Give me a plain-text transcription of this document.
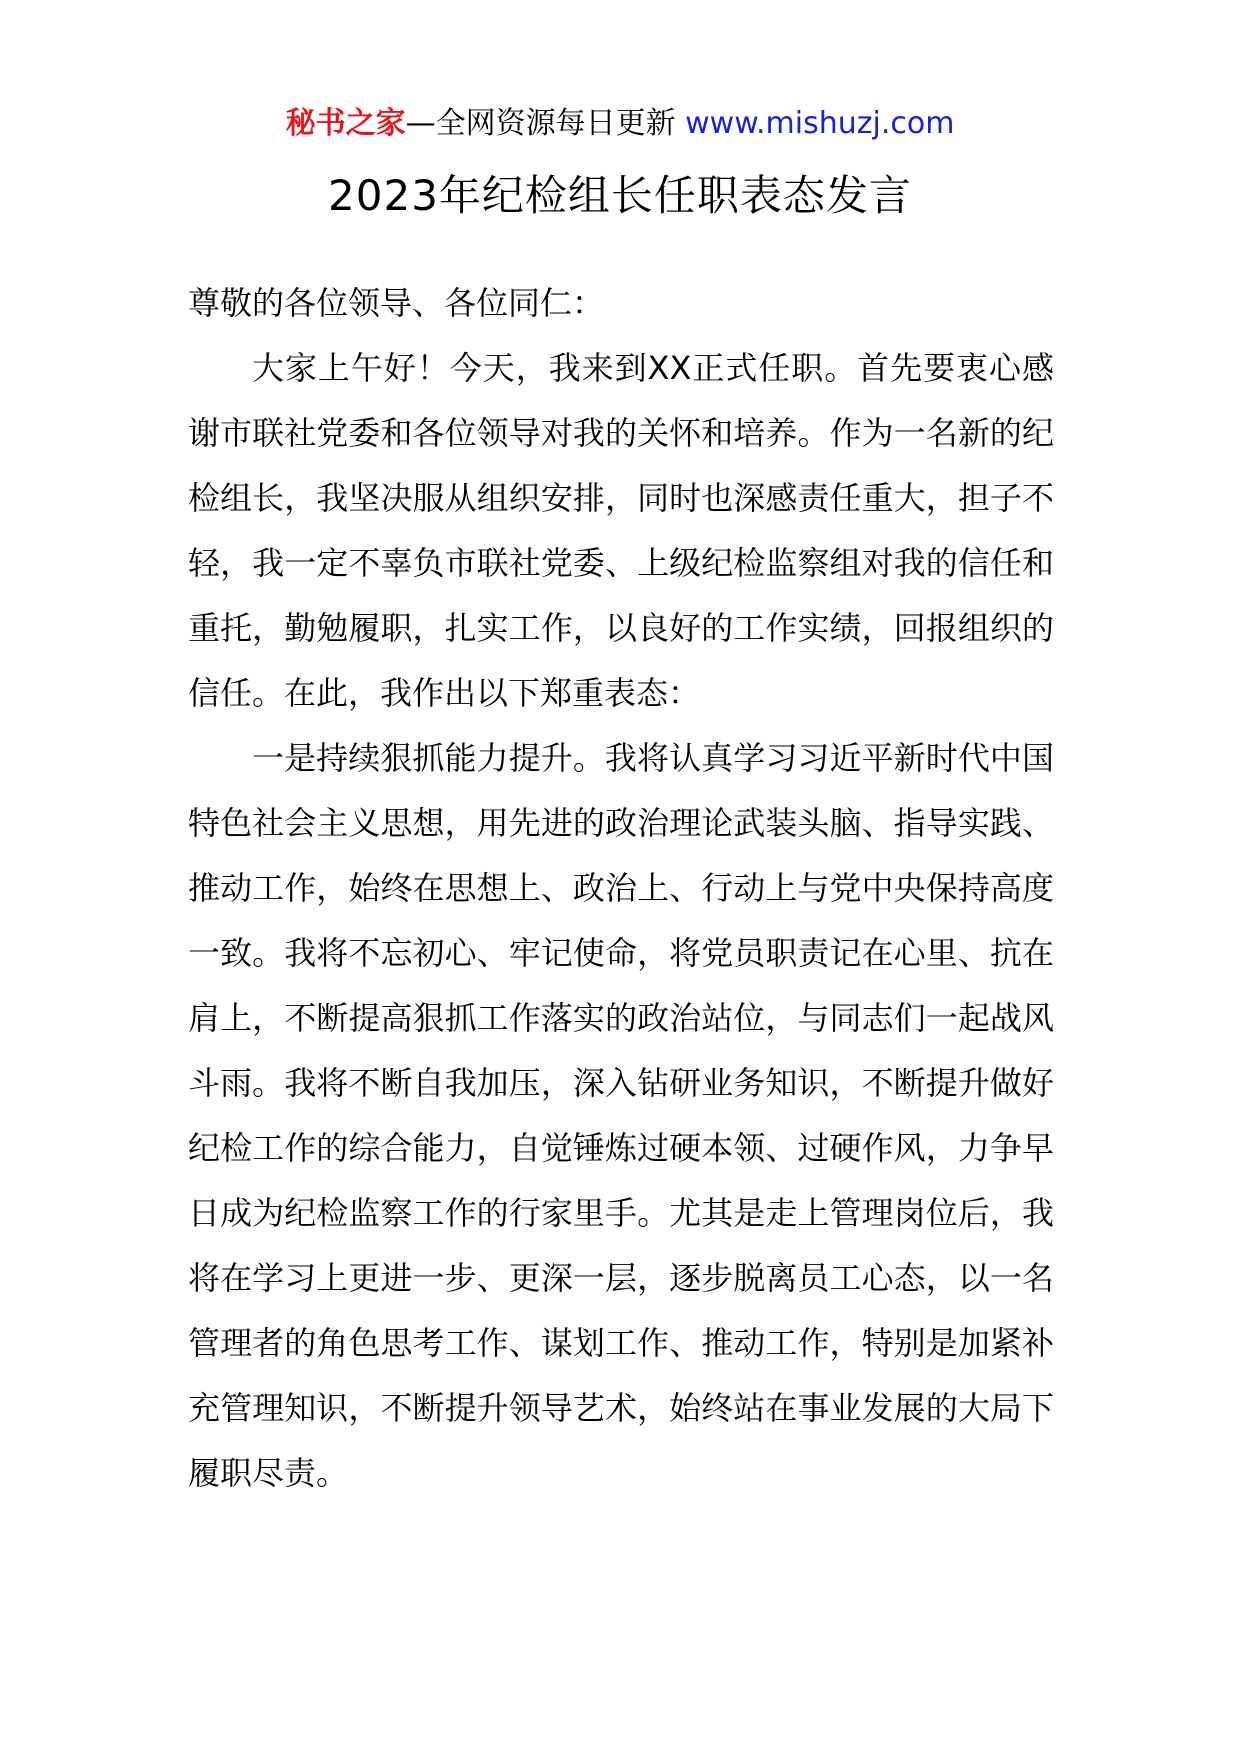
秘书之家—全网资源每日更新 www.mishuzj.com
2023年纪检组长任职表态发言

尊敬的各位领导、各位同仁：

大家上午好！今天，我来到XX正式任职。首先要衷心感谢市联社党委和各位领导对我的关怀和培养。作为一名新的纪检组长，我坚决服从组织安排，同时也深感责任重大，担子不轻，我一定不辜负市联社党委、上级纪检监察组对我的信任和重托，勤勉履职，扎实工作，以良好的工作实绩，回报组织的信任。在此，我作出以下郑重表态：

一是持续狠抓能力提升。我将认真学习习近平新时代中国特色社会主义思想，用先进的政治理论武装头脑、指导实践、推动工作，始终在思想上、政治上、行动上与党中央保持高度一致。我将不忘初心、牢记使命，将党员职责记在心里、抗在肩上，不断提高狠抓工作落实的政治站位，与同志们一起战风斗雨。我将不断自我加压，深入钻研业务知识，不断提升做好纪检工作的综合能力，自觉锤炼过硬本领、过硬作风，力争早日成为纪检监察工作的行家里手。尤其是走上管理岗位后，我将在学习上更进一步、更深一层，逐步脱离员工心态，以一名管理者的角色思考工作、谋划工作、推动工作，特别是加紧补充管理知识，不断提升领导艺术，始终站在事业发展的大局下履职尽责。
